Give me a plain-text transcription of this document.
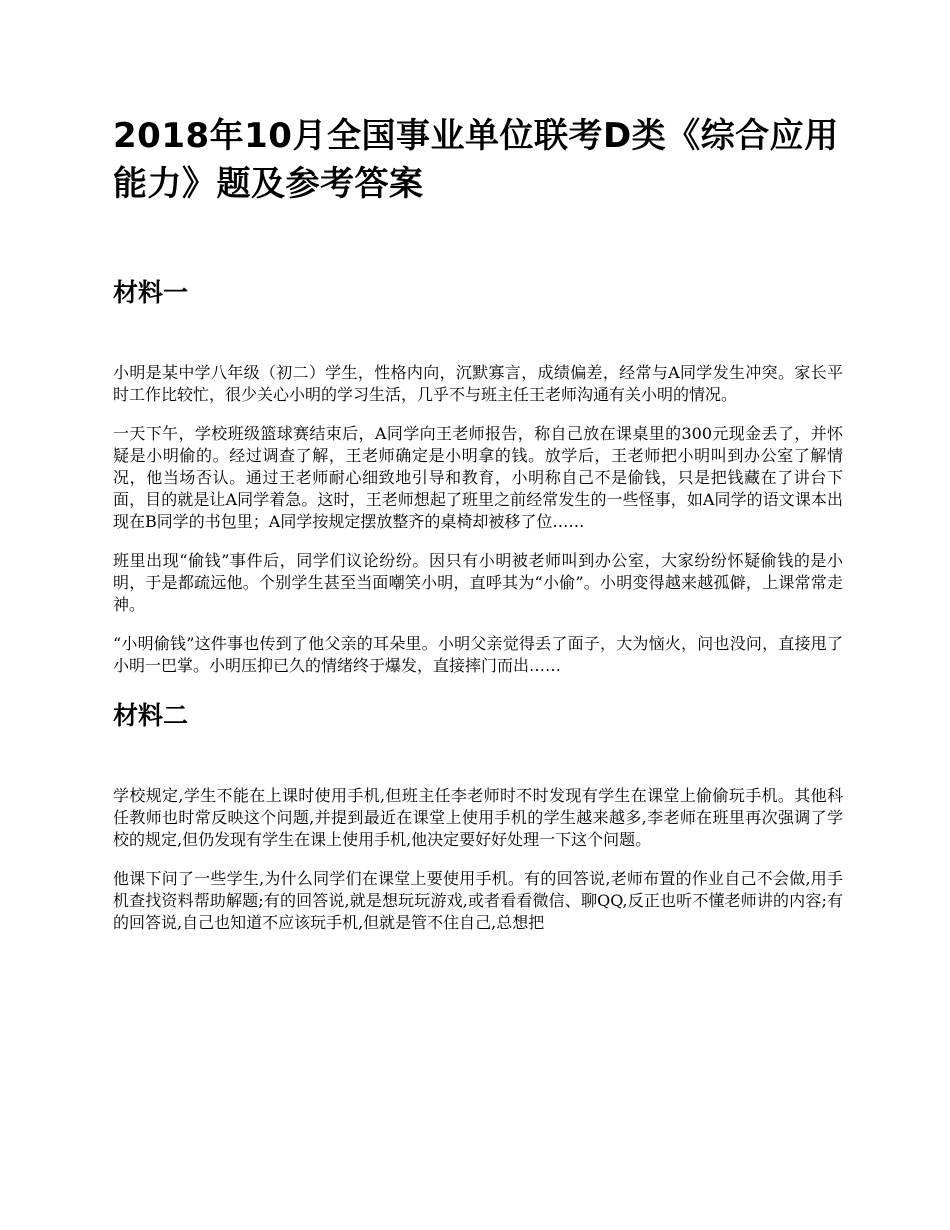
2018年10月全国事业单位联考D类《综合应用能力》题及参考答案
材料一

小明是某中学八年级（初二）学生，性格内向，沉默寡言，成绩偏差，经常与A同学发生冲突。家长平时工作比较忙，很少关心小明的学习生活，几乎不与班主任王老师沟通有关小明的情况。

一天下午，学校班级篮球赛结束后，A同学向王老师报告，称自己放在课桌里的300元现金丢了，并怀疑是小明偷的。经过调查了解，王老师确定是小明拿的钱。放学后，王老师把小明叫到办公室了解情况，他当场否认。通过王老师耐心细致地引导和教育，小明称自己不是偷钱，只是把钱藏在了讲台下面，目的就是让A同学着急。这时，王老师想起了班里之前经常发生的一些怪事，如A同学的语文课本出现在B同学的书包里；A同学按规定摆放整齐的桌椅却被移了位……

班里出现“偷钱”事件后，同学们议论纷纷。因只有小明被老师叫到办公室，大家纷纷怀疑偷钱的是小明，于是都疏远他。个别学生甚至当面嘲笑小明，直呼其为“小偷”。小明变得越来越孤僻，上课常常走神。

“小明偷钱”这件事也传到了他父亲的耳朵里。小明父亲觉得丢了面子，大为恼火，问也没问，直接甩了小明一巴掌。小明压抑已久的情绪终于爆发，直接摔门而出……

材料二

学校规定,学生不能在上课时使用手机,但班主任李老师时不时发现有学生在课堂上偷偷玩手机。其他科任教师也时常反映这个问题,并提到最近在课堂上使用手机的学生越来越多,李老师在班里再次强调了学校的规定,但仍发现有学生在课上使用手机,他决定要好好处理一下这个问题。

他课下问了一些学生,为什么同学们在课堂上要使用手机。有的回答说,老师布置的作业自己不会做,用手机查找资料帮助解题;有的回答说,就是想玩玩游戏,或者看看微信、聊QQ,反正也听不懂老师讲的内容;有的回答说,自己也知道不应该玩手机,但就是管不住自己,总想把
